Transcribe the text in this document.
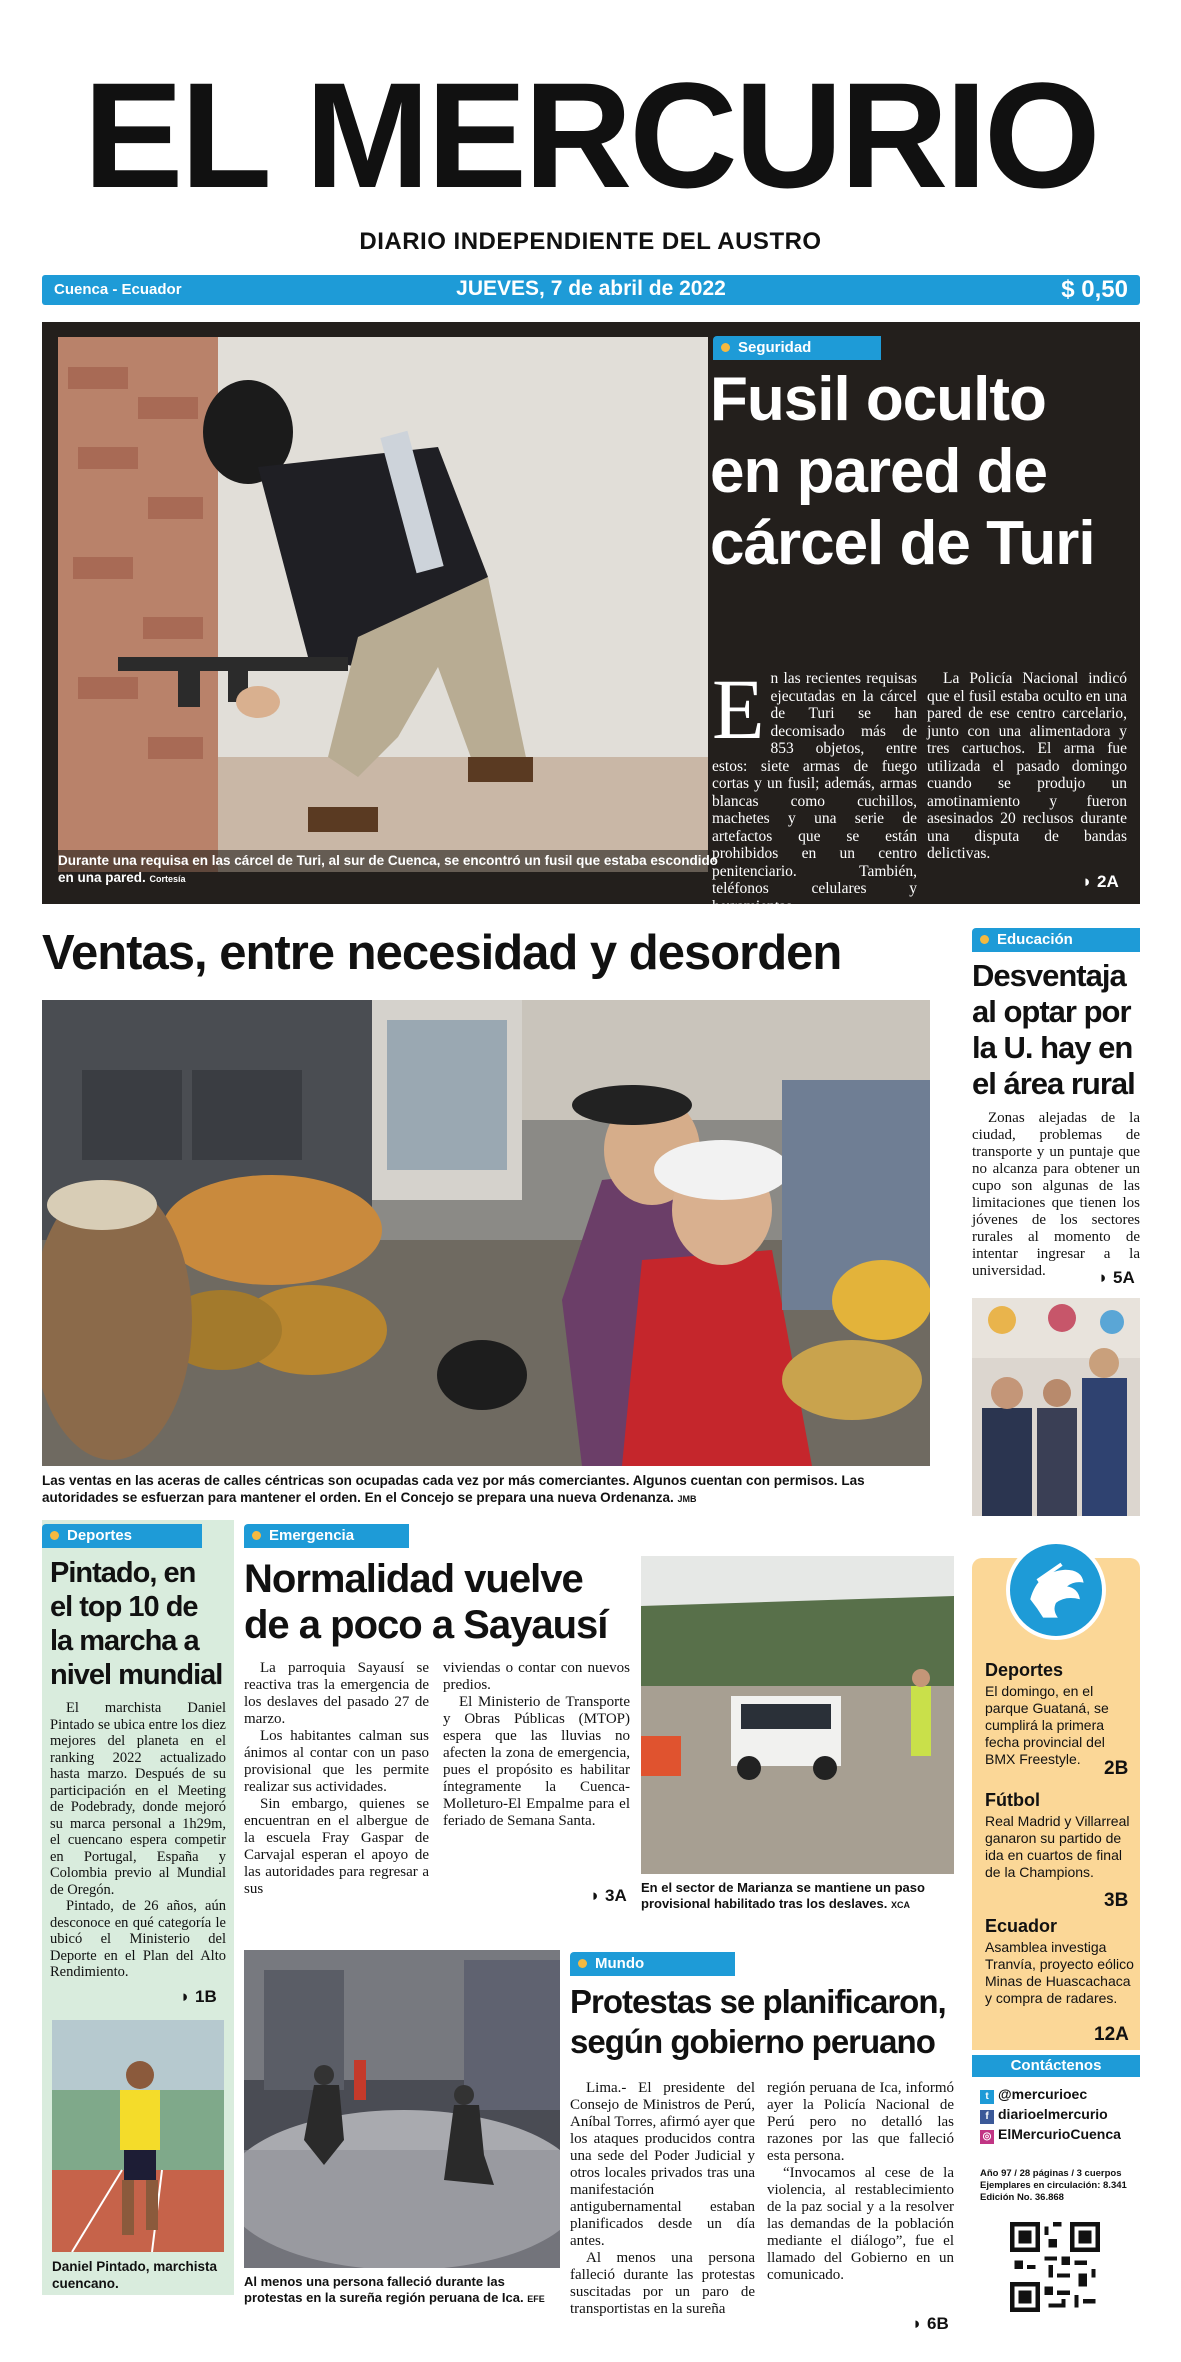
EL MERCURIO
DIARIO INDEPENDIENTE DEL AUSTRO
Cuenca - Ecuador	JUEVES, 7 de abril de 2022	$ 0,50
Durante una requisa en las cárcel de Turi, al sur de Cuenca, se encontró un fusil que estaba escondido en una pared. Cortesía
Seguridad
Fusil oculto
en pared de
cárcel de Turi
En las recientes requisas ejecutadas en la cárcel de Turi se han decomisado más de 853 objetos, entre estos: siete armas de fuego cortas y un fusil; además, armas blancas como cuchillos, machetes y una serie de artefactos que se están prohibidos en un centro penitenciario. También, teléfonos celulares y herramientas.

La Policía Nacional indicó que el fusil estaba oculto en una pared de ese centro carcelario, junto con una alimentadora y tres cartuchos. El arma fue utilizada el pasado domingo cuando se produjo un amotinamiento y fueron asesinados 20 reclusos durante una disputa de bandas delictivas.

◗ 2A
Ventas, entre necesidad y desorden
Las ventas en las aceras de calles céntricas son ocupadas cada vez por más comerciantes. Algunos cuentan con permisos. Las autoridades se esfuerzan para mantener el orden. En el Concejo se prepara una nueva Ordenanza. JMB
Educación
Desventaja
al optar por
la U. hay en
el área rural

Zonas alejadas de la ciudad, problemas de transporte y un puntaje que no alcanza para obtener un cupo son algunas de las limitaciones que tienen los jóvenes de los sectores rurales al momento de intentar ingresar a la universidad.	◗ 5A
Deportes
Pintado, en
el top 10 de
la marcha a
nivel mundial

El marchista Daniel Pintado se ubica entre los diez mejores del planeta en el ranking 2022 actualizado hasta marzo. Después de su participación en el Meeting de Podebrady, donde mejoró su marca personal a 1h29m, el cuencano espera competir en Portugal, España y Colombia previo al Mundial de Oregón.

Pintado, de 26 años, aún desconoce en qué categoría le ubicó el Ministerio del Deporte en el Plan del Alto Rendimiento.

◗ 1B
Daniel Pintado, marchista cuencano.
Emergencia
Normalidad vuelve
de a poco a Sayausí

La parroquia Sayausí se reactiva tras la emergencia de los deslaves del pasado 27 de marzo.

Los habitantes calman sus ánimos al contar con un paso provisional que les permite realizar sus actividades.

Sin embargo, quienes se encuentran en el albergue de la escuela Fray Gaspar de Carvajal esperan el apoyo de las autoridades para regresar a sus

viviendas o contar con nuevos predios.

El Ministerio de Transporte y Obras Públicas (MTOP) espera que las lluvias no afecten la zona de emergencia, pues el propósito es habilitar íntegramente la Cuenca-Molleturo-El Empalme para el feriado de Semana Santa.

◗ 3A En el sector de Marianza se mantiene un paso provisional habilitado tras los deslaves. XCA
Al menos una persona falleció durante las protestas en la sureña región peruana de Ica. EFE
Mundo
Protestas se planificaron,
según gobierno peruano

Lima.- El presidente del Consejo de Ministros de Perú, Aníbal Torres, afirmó ayer que los ataques producidos contra una sede del Poder Judicial y otros locales privados tras una manifestación antigubernamental estaban planificados desde un día antes.

Al menos una persona falleció durante las protestas suscitadas por un paro de transportistas en la sureña

región peruana de Ica, informó ayer la Policía Nacional de Perú pero no detalló las razones por las que falleció esta persona.

“Invocamos al cese de la violencia, al restablecimiento de la paz social y a la resolver las demandas de la población mediante el diálogo”, fue el llamado del Gobierno en un comunicado.

◗ 6B
Deportes
El domingo, en el parque Guataná, se cumplirá la primera fecha provincial del BMX Freestyle.	2B
Fútbol
Real Madrid y Villarreal ganaron su partido de ida en cuartos de final de la Champions.
3B
Ecuador
Asamblea investiga Tranvía, proyecto eólico Minas de Huascachaca y compra de radares.
12A
Contáctenos
t @mercurioec
f diarioelmercurio
◎ ElMercurioCuenca
Año 97 / 28 páginas / 3 cuerpos
Ejemplares en circulación: 8.341
Edición No. 36.868
